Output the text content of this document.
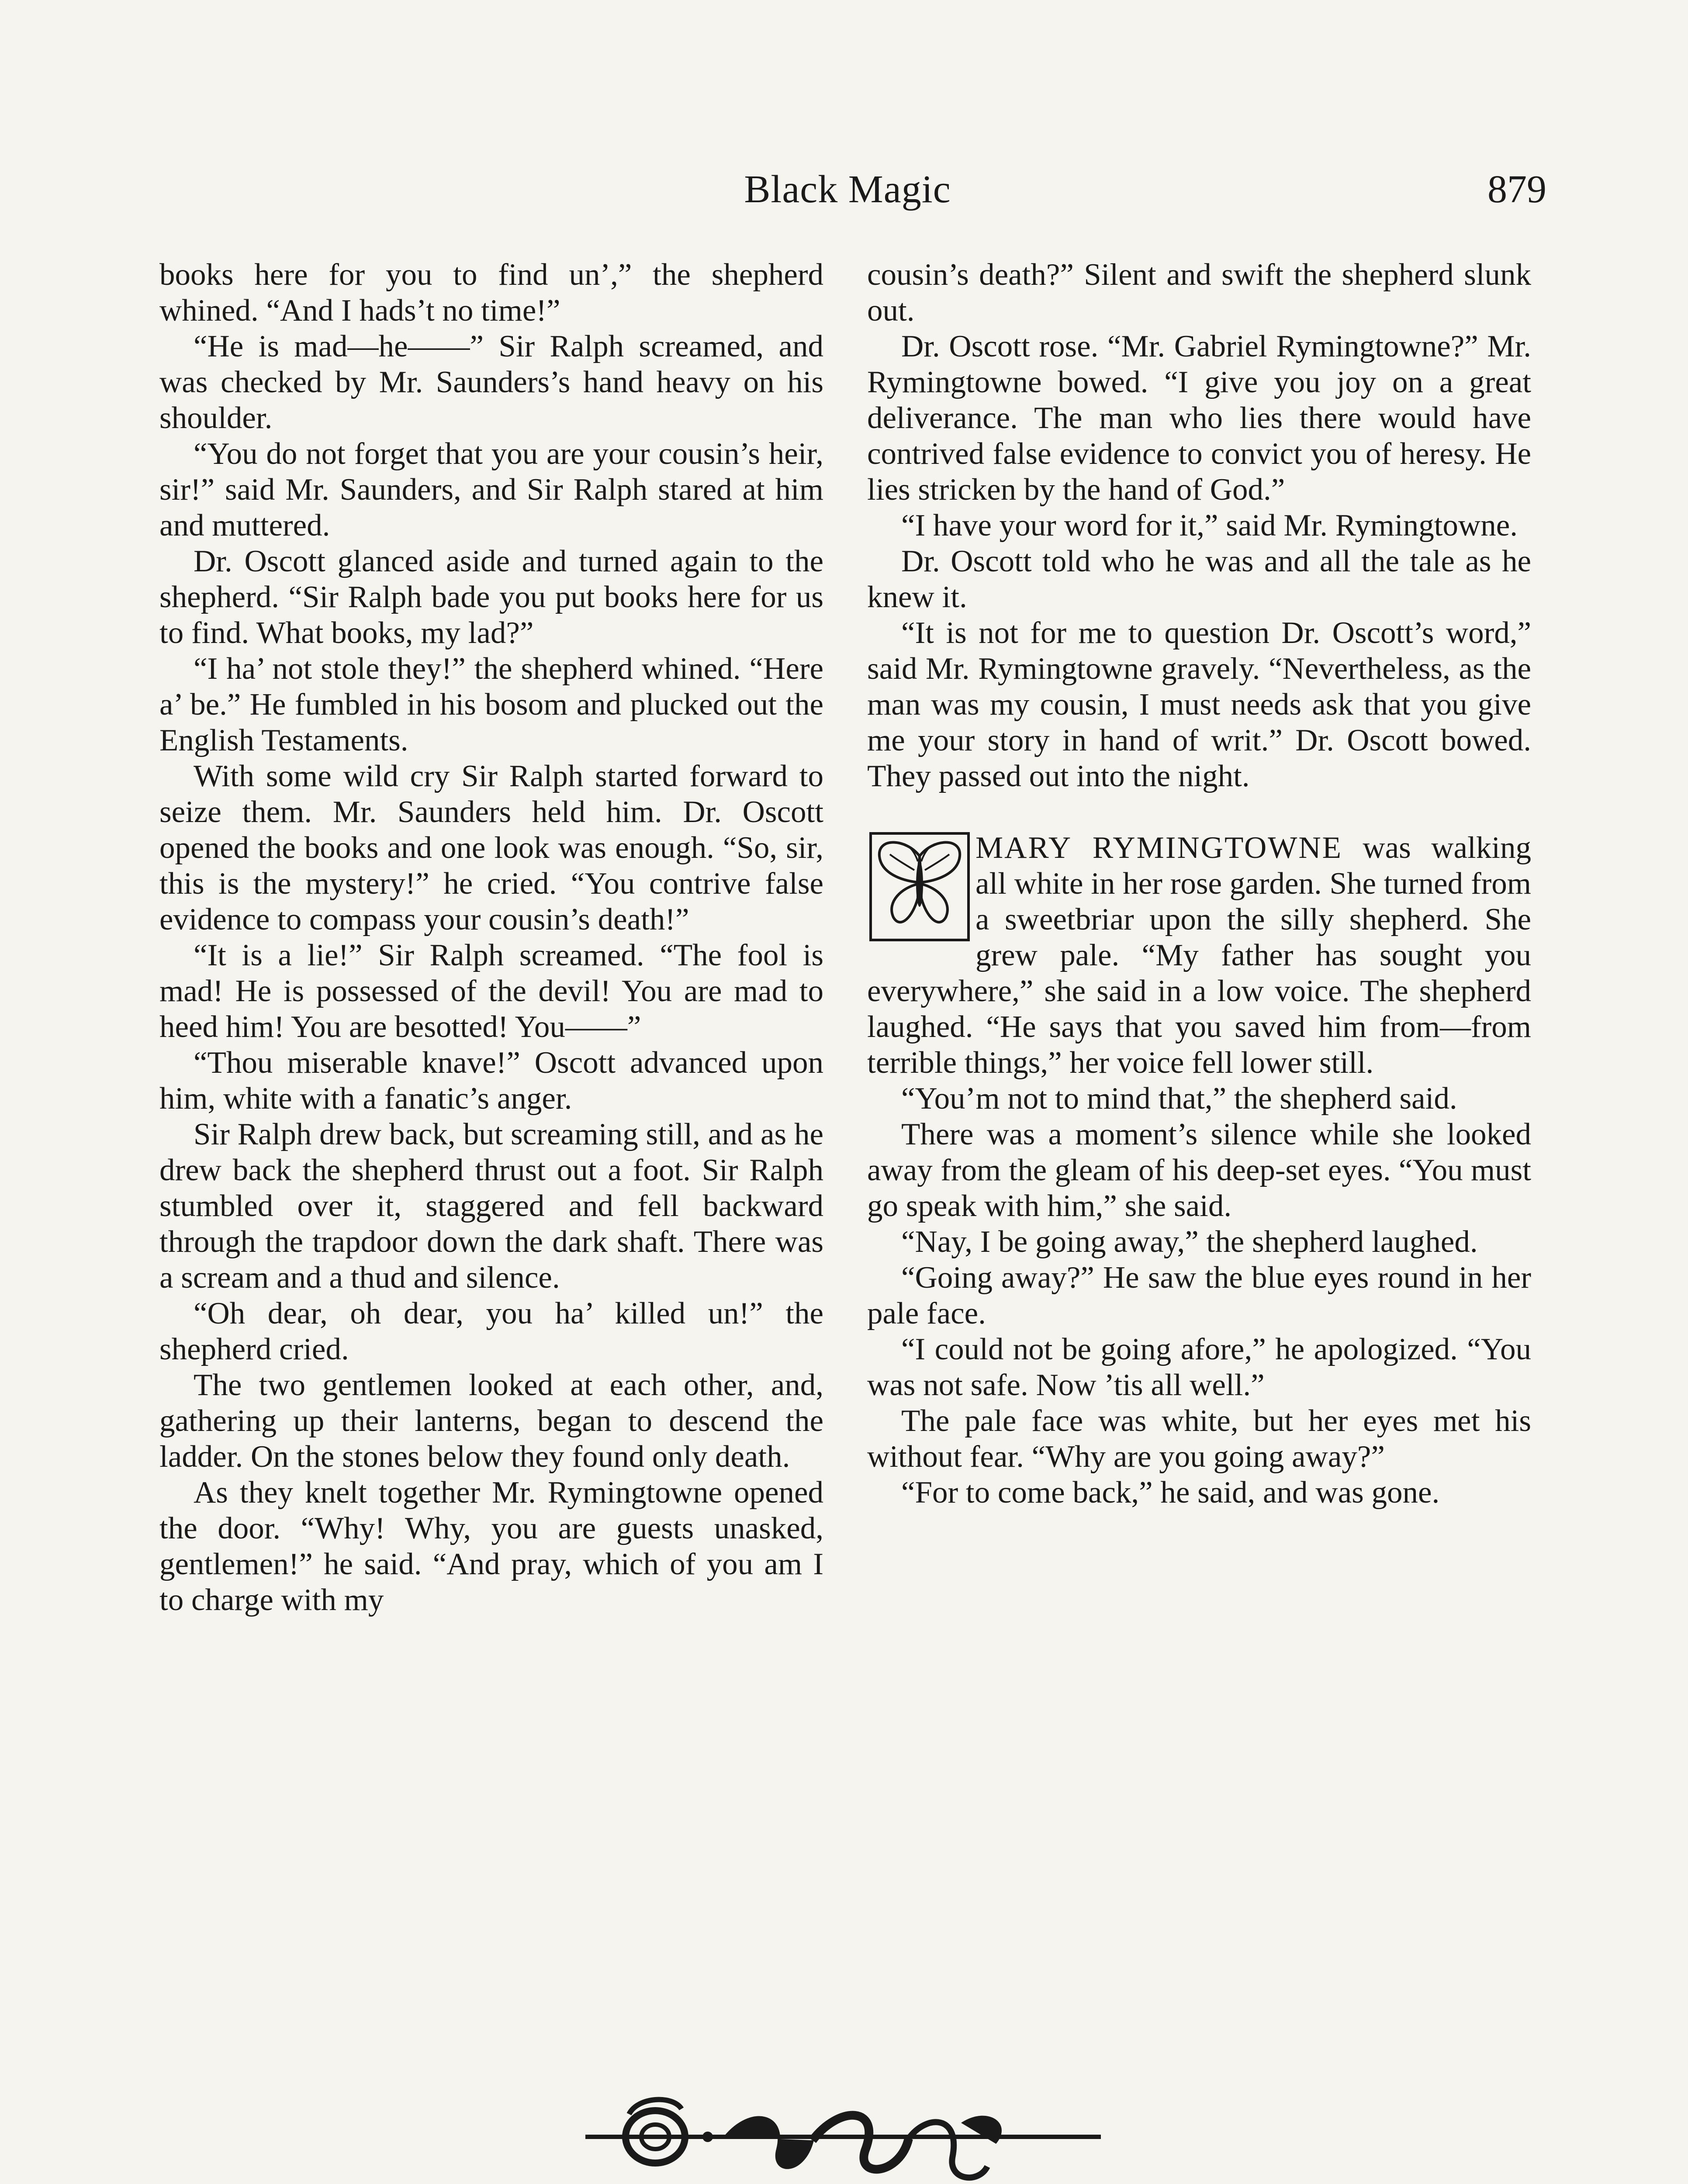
Black Magic	879

books here for you to find un’,” the shepherd whined. “And I hads’t no time!”

“He is mad—he——” Sir Ralph screamed, and was checked by Mr. Saunders’s hand heavy on his shoulder.

“You do not forget that you are your cousin’s heir, sir!” said Mr. Saunders, and Sir Ralph stared at him and muttered.

Dr. Oscott glanced aside and turned again to the shepherd. “Sir Ralph bade you put books here for us to find. What books, my lad?”

“I ha’ not stole they!” the shepherd whined. “Here a’ be.” He fumbled in his bosom and plucked out the English Testaments.

With some wild cry Sir Ralph started forward to seize them. Mr. Saunders held him. Dr. Oscott opened the books and one look was enough. “So, sir, this is the mystery!” he cried. “You contrive false evidence to compass your cousin’s death!”

“It is a lie!” Sir Ralph screamed. “The fool is mad! He is possessed of the devil! You are mad to heed him! You are besotted! You——”

“Thou miserable knave!” Oscott advanced upon him, white with a fanatic’s anger.

Sir Ralph drew back, but screaming still, and as he drew back the shepherd thrust out a foot. Sir Ralph stumbled over it, staggered and fell backward through the trapdoor down the dark shaft. There was a scream and a thud and silence.

“Oh dear, oh dear, you ha’ killed un!” the shepherd cried.

The two gentlemen looked at each other, and, gathering up their lanterns, began to descend the ladder. On the stones below they found only death.

As they knelt together Mr. Rymingtowne opened the door. “Why! Why, you are guests unasked, gentlemen!” he said. “And pray, which of you am I to charge with my

cousin’s death?” Silent and swift the shepherd slunk out.

Dr. Oscott rose. “Mr. Gabriel Rymingtowne?” Mr. Rymingtowne bowed. “I give you joy on a great deliverance. The man who lies there would have contrived false evidence to convict you of heresy. He lies stricken by the hand of God.”

“I have your word for it,” said Mr. Rymingtowne.

Dr. Oscott told who he was and all the tale as he knew it.

“It is not for me to question Dr. Oscott’s word,” said Mr. Rymingtowne gravely. “Nevertheless, as the man was my cousin, I must needs ask that you give me your story in hand of writ.” Dr. Oscott bowed. They passed out into the night.

MARY RYMINGTOWNE was walking all white in her rose garden. She turned from a sweetbriar upon the silly shepherd. She grew pale. “My father has sought you everywhere,” she said in a low voice. The shepherd laughed. “He says that you saved him from—from terrible things,” her voice fell lower still.

“You’m not to mind that,” the shepherd said.

There was a moment’s silence while she looked away from the gleam of his deep-set eyes. “You must go speak with him,” she said.

“Nay, I be going away,” the shepherd laughed.

“Going away?” He saw the blue eyes round in her pale face.

“I could not be going afore,” he apologized. “You was not safe. Now ’tis all well.”

The pale face was white, but her eyes met his without fear. “Why are you going away?”

“For to come back,” he said, and was gone.
